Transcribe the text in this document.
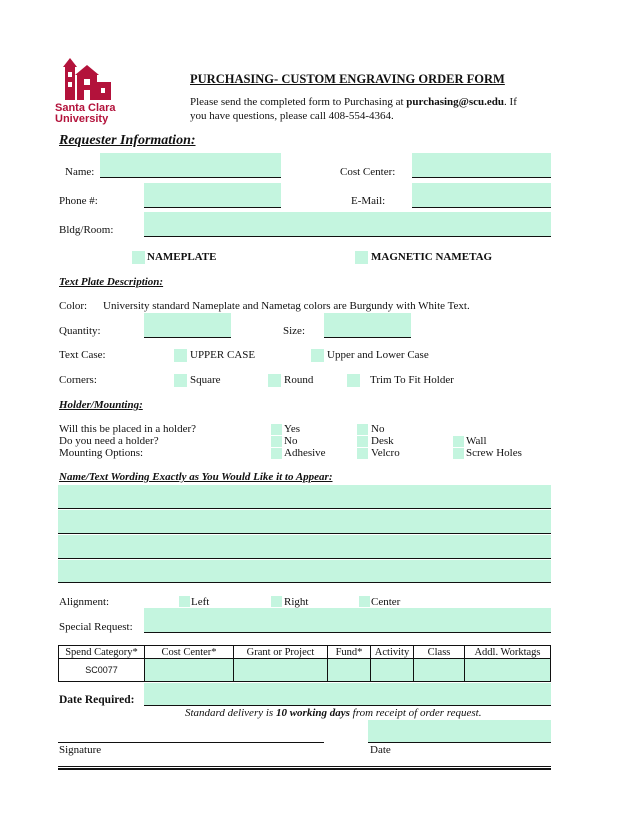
Santa Clara
University
PURCHASING- CUSTOM ENGRAVING ORDER FORM
Please send the completed form to Purchasing at purchasing@scu.edu. If
you have questions, please call 408-554-4364.
Requester Information:
Name:	Cost Center:
Phone #:	E-Mail:
Bldg/Room:
NAMEPLATE	MAGNETIC NAMETAG
Text Plate Description:
Color: University standard Nameplate and Nametag colors are Burgundy with White Text.
Quantity:	Size:
Text Case:	UPPER CASE	Upper and Lower Case
Corners:	Square	Round	Trim To Fit Holder
Holder/Mounting:
Will this be placed in a holder?	Yes	No
Do you need a holder?	No	Desk	Wall
Mounting Options:	Adhesive	Velcro	Screw Holes
Name/Text Wording Exactly as You Would Like it to Appear:
Alignment:	Left	Right	Center
Special Request:
Spend Category*	Cost Center*	Grant or Project	Fund*	Activity	Class	Addl. Worktags
SC0077						
Date Required:
Standard delivery is 10 working days from receipt of order request.
Signature	Date
